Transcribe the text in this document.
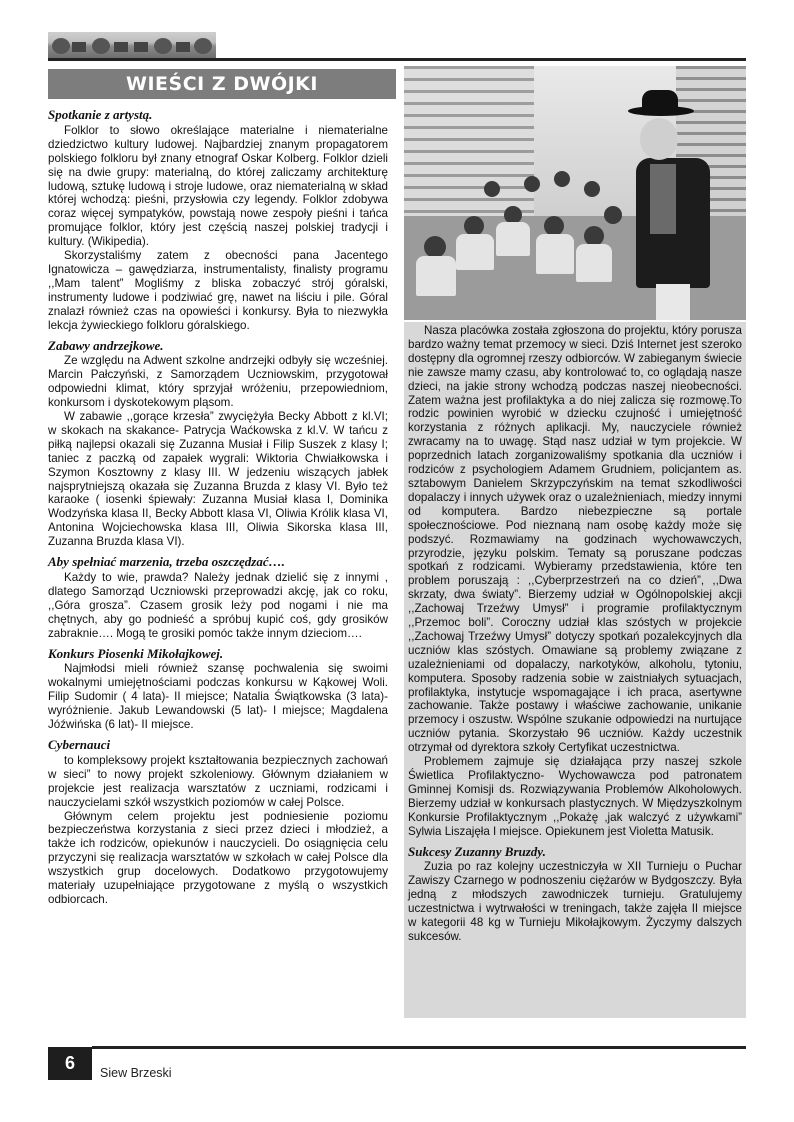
WIEŚCI Z DWÓJKI
Spotkanie z artystą.

Folklor to słowo określające materialne i niematerialne dziedzictwo kultury ludowej. Najbardziej znanym propagatorem polskiego folkloru był znany etnograf Oskar Kolberg. Folklor dzieli się na dwie grupy: materialną, do której zaliczamy architekturę ludową, sztukę ludową i stroje ludowe, oraz niematerialną w skład której wchodzą: pieśni, przysłowia czy legendy. Folklor zdobywa coraz więcej sympatyków, powstają nowe zespoły pieśni i tańca promujące folklor, który jest częścią naszej polskiej tradycji i kultury. (Wikipedia).

Skorzystaliśmy zatem z obecności pana Jacentego Ignatowicza – gawędziarza, instrumentalisty, finalisty programu ,,Mam talent” Mogliśmy z bliska zobaczyć strój góralski, instrumenty ludowe i podziwiać grę, nawet na liściu i pile. Góral znalazł również czas na opowieści i konkursy. Była to niezwykła lekcja żywieckiego folkloru góralskiego.

Zabawy andrzejkowe.

Ze względu na Adwent szkolne andrzejki odbyły się wcześniej. Marcin Pałczyński, z Samorządem Uczniowskim, przygotował odpowiedni klimat, który sprzyjał wróżeniu, przepowiedniom, konkursom i dyskotekowym pląsom.

W zabawie ,,gorące krzesła” zwyciężyła Becky Abbott z kl.VI; w skokach na skakance- Patrycja Waćkowska z kl.V. W tańcu z piłką najlepsi okazali się Zuzanna Musiał i Filip Suszek z klasy I; taniec z paczką od zapałek wygrali: Wiktoria Chwiałkowska i Szymon Kosztowny z klasy III. W jedzeniu wiszących jabłek najsprytniejszą okazała się Zuzanna Bruzda z klasy VI. Było też karaoke ( iosenki śpiewały: Zuzanna Musiał klasa I, Dominika Wodzyńska klasa II, Becky Abbott klasa VI, Oliwia Królik klasa VI, Antonina Wojciechowska klasa III, Oliwia Sikorska klasa III, Zuzanna Bruzda klasa VI).

Aby spełniać marzenia, trzeba oszczędzać….

Każdy to wie, prawda? Należy jednak dzielić się z innymi , dlatego Samorząd Uczniowski przeprowadzi akcję, jak co roku, ,,Góra grosza”. Czasem grosik leży pod nogami i nie ma chętnych, aby go podnieść a spróbuj kupić coś, gdy grosików zabraknie…. Mogą te grosiki pomóc także innym dzieciom….

Konkurs Piosenki Mikołajkowej.

Najmłodsi mieli również szansę pochwalenia się swoimi wokalnymi umiejętnościami podczas konkursu w Kąkowej Woli. Filip Sudomir ( 4 lata)- II miejsce; Natalia Świątkowska (3 lata)- wyróżnienie. Jakub Lewandowski (5 lat)- I miejsce; Magdalena Jóźwińska (6 lat)- II miejsce.

Cybernauci

to kompleksowy projekt kształtowania bezpiecznych zachowań w sieci” to nowy projekt szkoleniowy. Głównym działaniem w projekcie jest realizacja warsztatów z uczniami, rodzicami i nauczycielami szkół wszystkich poziomów w całej Polsce.

Głównym celem projektu jest podniesienie poziomu bezpieczeństwa korzystania z sieci przez dzieci i młodzież, a także ich rodziców, opiekunów i nauczycieli. Do osiągnięcia celu przyczyni się realizacja warsztatów w szkołach w całej Polsce dla wszystkich grup docelowych. Dodatkowo przygotowujemy materiały uzupełniające przygotowane z myślą o wszystkich odbiorcach.

Nasza placówka została zgłoszona do projektu, który porusza bardzo ważny temat przemocy w sieci. Dziś Internet jest szeroko dostępny dla ogromnej rzeszy odbiorców. W zabieganym świecie nie zawsze mamy czasu, aby kontrolować to, co oglądają nasze dzieci, na jakie strony wchodzą podczas naszej nieobecności. Zatem ważna jest profilaktyka a do niej zalicza się rozmowę.To rodzic powinien wyrobić w dziecku czujność i umiejętność korzystania z różnych aplikacji. My, nauczyciele również zwracamy na to uwagę. Stąd nasz udział w tym projekcie. W poprzednich latach zorganizowaliśmy spotkania dla uczniów i rodziców z psychologiem Adamem Grudniem, policjantem as. sztabowym Danielem Skrzypczyńskim na temat szkodliwości dopalaczy i innych używek oraz o uzależnieniach, miedzy innymi od komputera. Bardzo niebezpieczne są portale społecznościowe. Pod nieznaną nam osobę każdy może się podszyć. Rozmawiamy na godzinach wychowawczych, przyrodzie, języku polskim. Tematy są poruszane podczas spotkań z rodzicami. Wybieramy przedstawienia, które ten problem poruszają : ,,Cyberprzestrzeń na co dzień”, ,,Dwa skrzaty, dwa światy”. Bierzemy udział w Ogólnopolskiej akcji ,,Zachowaj Trzeźwy Umysł” i programie profilaktycznym ,,Przemoc boli”. Coroczny udział klas szóstych w projekcie ,,Zachowaj Trzeźwy Umysł” dotyczy spotkań pozalekcyjnych dla uczniów klas szóstych. Omawiane są problemy związane z uzależnieniami od dopalaczy, narkotyków, alkoholu, tytoniu, komputera. Sposoby radzenia sobie w zaistniałych sytuacjach, profilaktyka, instytucje wspomagające i ich praca, asertywne zachowanie. Także postawy i właściwe zachowanie, unikanie przemocy i oszustw. Wspólne szukanie odpowiedzi na nurtujące uczniów pytania. Skorzystało 96 uczniów. Każdy uczestnik otrzymał od dyrektora szkoły Certyfikat uczestnictwa.

Problemem zajmuje się działająca przy naszej szkole Świetlica Profilaktyczno- Wychowawcza pod patronatem Gminnej Komisji ds. Rozwiązywania Problemów Alkoholowych. Bierzemy udział w konkursach plastycznych. W Międzyszkolnym Konkursie Profilaktycznym ,,Pokażę ,jak walczyć z używkami” Sylwia Liszajęła I miejsce. Opiekunem jest Violetta Matusik.

Sukcesy Zuzanny Bruzdy.

Zuzia po raz kolejny uczestniczyła w XII Turnieju o Puchar Zawiszy Czarnego w podnoszeniu ciężarów w Bydgoszczy. Była jedną z młodszych zawodniczek turnieju. Gratulujemy uczestnictwa i wytrwałości w treningach, także zajęła II miejsce w kategorii 48 kg w Turnieju Mikołajkowym. Życzymy dalszych sukcesów.

6	Siew Brzeski
